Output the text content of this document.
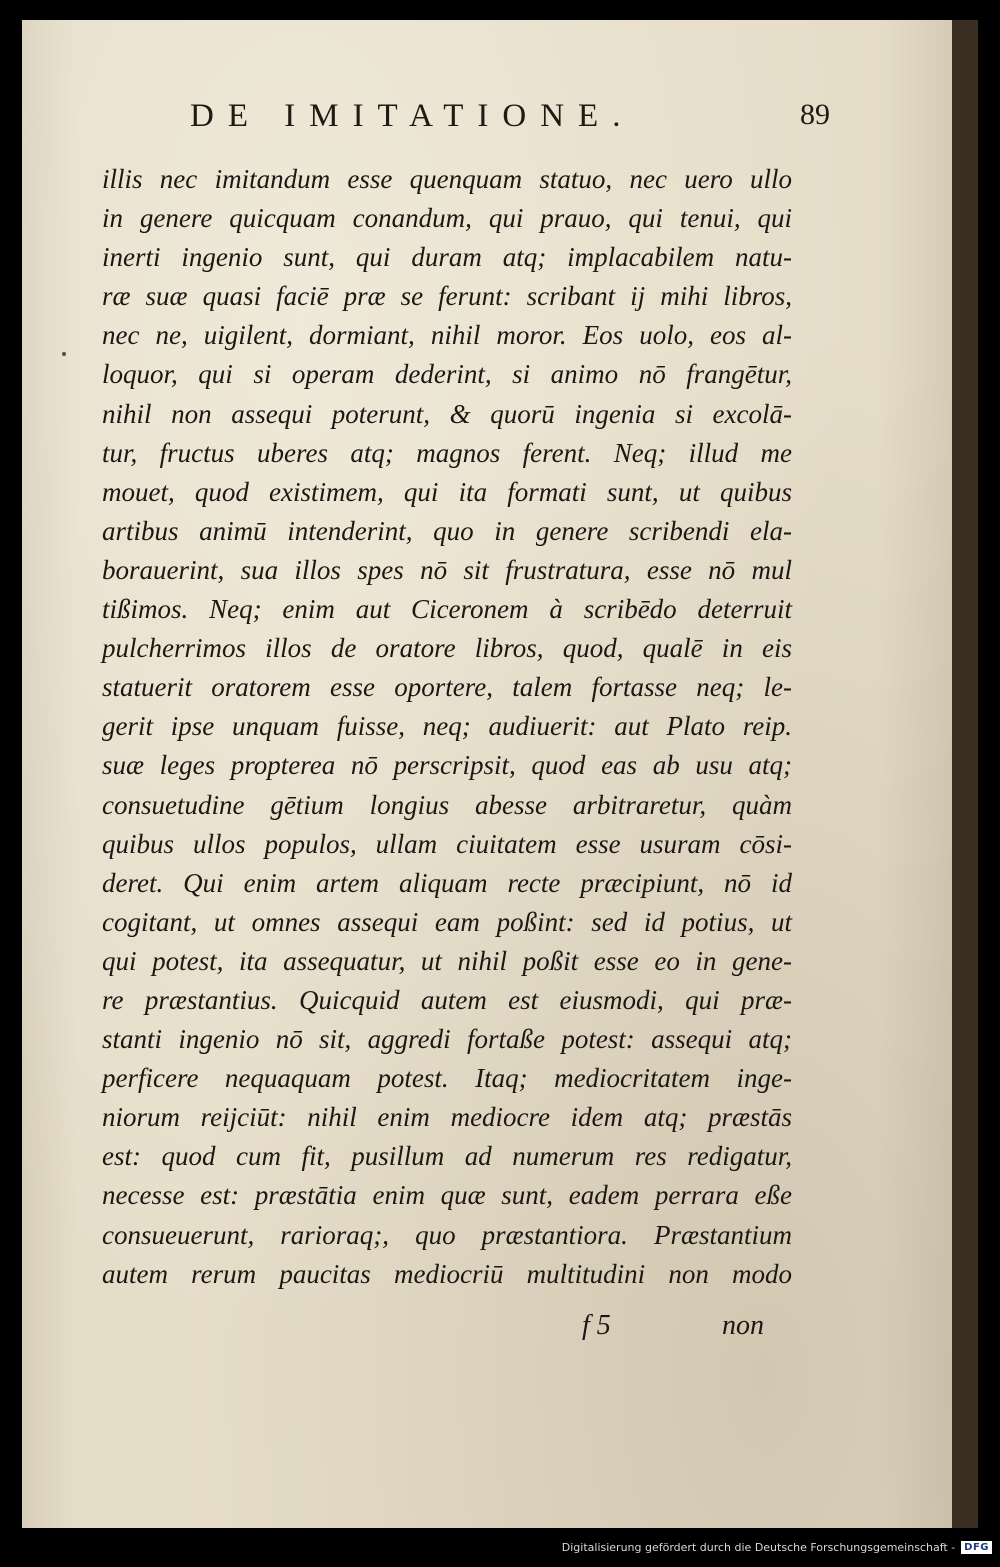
DE IMITATIONE.	89
illis nec imitandum esse quenquam statuo, nec uero ullo
in genere quicquam conandum, qui prauo, qui tenui, qui
inerti ingenio sunt, qui duram atq; implacabilem natu-
ræ suæ quasi faciē præ se ferunt: scribant ij mihi libros,
nec ne, uigilent, dormiant, nihil moror. Eos uolo, eos al-
loquor, qui si operam dederint, si animo nō frangētur,
nihil non assequi poterunt, & quorū ingenia si excolā-
tur, fructus uberes atq; magnos ferent. Neq; illud me
mouet, quod existimem, qui ita formati sunt, ut quibus
artibus animū intenderint, quo in genere scribendi ela-
borauerint, sua illos spes nō sit frustratura, esse nō mul
tißimos. Neq; enim aut Ciceronem à scribēdo deterruit
pulcherrimos illos de oratore libros, quod, qualē in eis
statuerit oratorem esse oportere, talem fortasse neq; le-
gerit ipse unquam fuisse, neq; audiuerit: aut Plato reip.
suæ leges propterea nō perscripsit, quod eas ab usu atq;
consuetudine gētium longius abesse arbitraretur, quàm
quibus ullos populos, ullam ciuitatem esse usuram cōsi-
deret. Qui enim artem aliquam recte præcipiunt, nō id
cogitant, ut omnes assequi eam poßint: sed id potius, ut
qui potest, ita assequatur, ut nihil poßit esse eo in gene-
re præstantius. Quicquid autem est eiusmodi, qui præ-
stanti ingenio nō sit, aggredi fortaße potest: assequi atq;
perficere nequaquam potest. Itaq; mediocritatem inge-
niorum reijciūt: nihil enim mediocre idem atq; præstās
est: quod cum fit, pusillum ad numerum res redigatur,
necesse est: præstātia enim quæ sunt, eadem perrara eße
consueuerunt, rarioraq;, quo præstantiora. Præstantium
autem rerum paucitas mediocriū multitudini non modo
f 5	non
Digitalisierung gefördert durch die Deutsche Forschungsgemeinschaft - DFG
